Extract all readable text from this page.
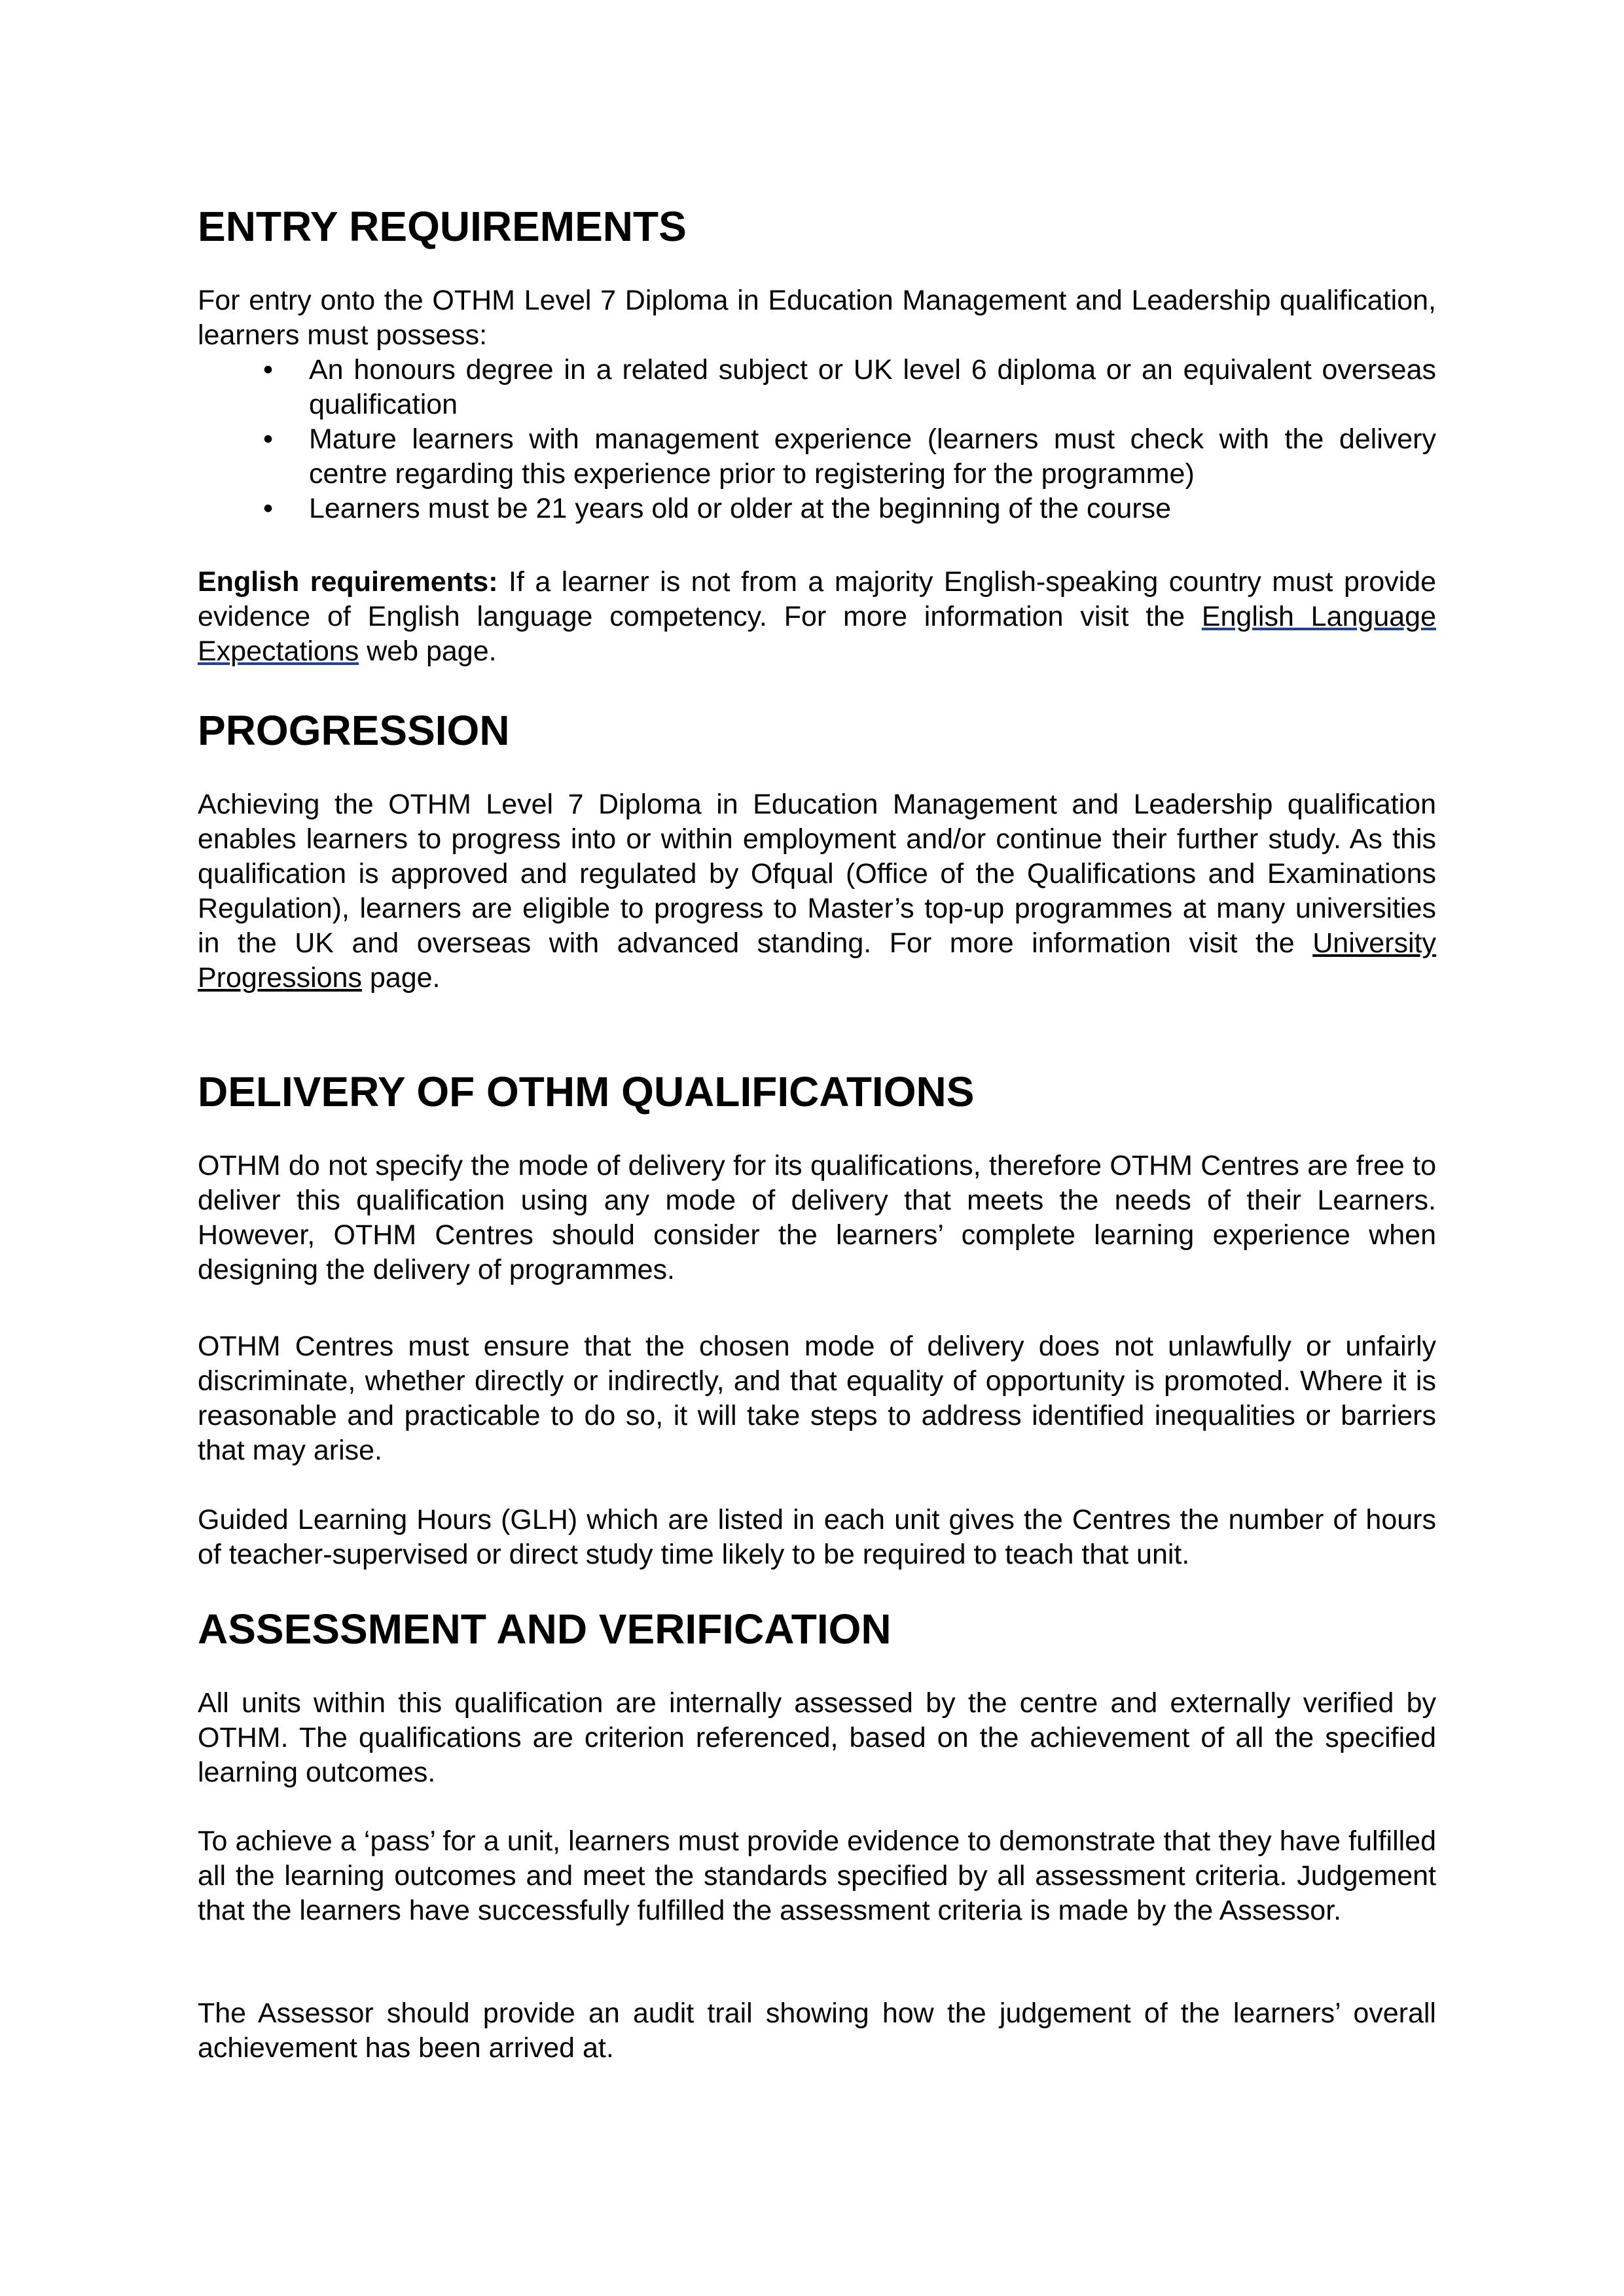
ENTRY REQUIREMENTS

For entry onto the OTHM Level 7 Diploma in Education Management and Leadership qualification, learners must possess:

• An honours degree in a related subject or UK level 6 diploma or an equivalent overseas qualification
• Mature learners with management experience (learners must check with the delivery centre regarding this experience prior to registering for the programme)
• Learners must be 21 years old or older at the beginning of the course

English requirements: If a learner is not from a majority English-speaking country must provide evidence of English language competency. For more information visit the English Language Expectations web page.

PROGRESSION

Achieving the OTHM Level 7 Diploma in Education Management and Leadership qualification enables learners to progress into or within employment and/or continue their further study. As this qualification is approved and regulated by Ofqual (Office of the Qualifications and Examinations Regulation), learners are eligible to progress to Master’s top-up programmes at many universities in the UK and overseas with advanced standing. For more information visit the University Progressions page.

DELIVERY OF OTHM QUALIFICATIONS

OTHM do not specify the mode of delivery for its qualifications, therefore OTHM Centres are free to deliver this qualification using any mode of delivery that meets the needs of their Learners. However, OTHM Centres should consider the learners’ complete learning experience when designing the delivery of programmes.

OTHM Centres must ensure that the chosen mode of delivery does not unlawfully or unfairly discriminate, whether directly or indirectly, and that equality of opportunity is promoted. Where it is reasonable and practicable to do so, it will take steps to address identified inequalities or barriers that may arise.

Guided Learning Hours (GLH) which are listed in each unit gives the Centres the number of hours of teacher-supervised or direct study time likely to be required to teach that unit.

ASSESSMENT AND VERIFICATION

All units within this qualification are internally assessed by the centre and externally verified by OTHM. The qualifications are criterion referenced, based on the achievement of all the specified learning outcomes.

To achieve a ‘pass’ for a unit, learners must provide evidence to demonstrate that they have fulfilled all the learning outcomes and meet the standards specified by all assessment criteria. Judgement that the learners have successfully fulfilled the assessment criteria is made by the Assessor.

The Assessor should provide an audit trail showing how the judgement of the learners’ overall achievement has been arrived at.
